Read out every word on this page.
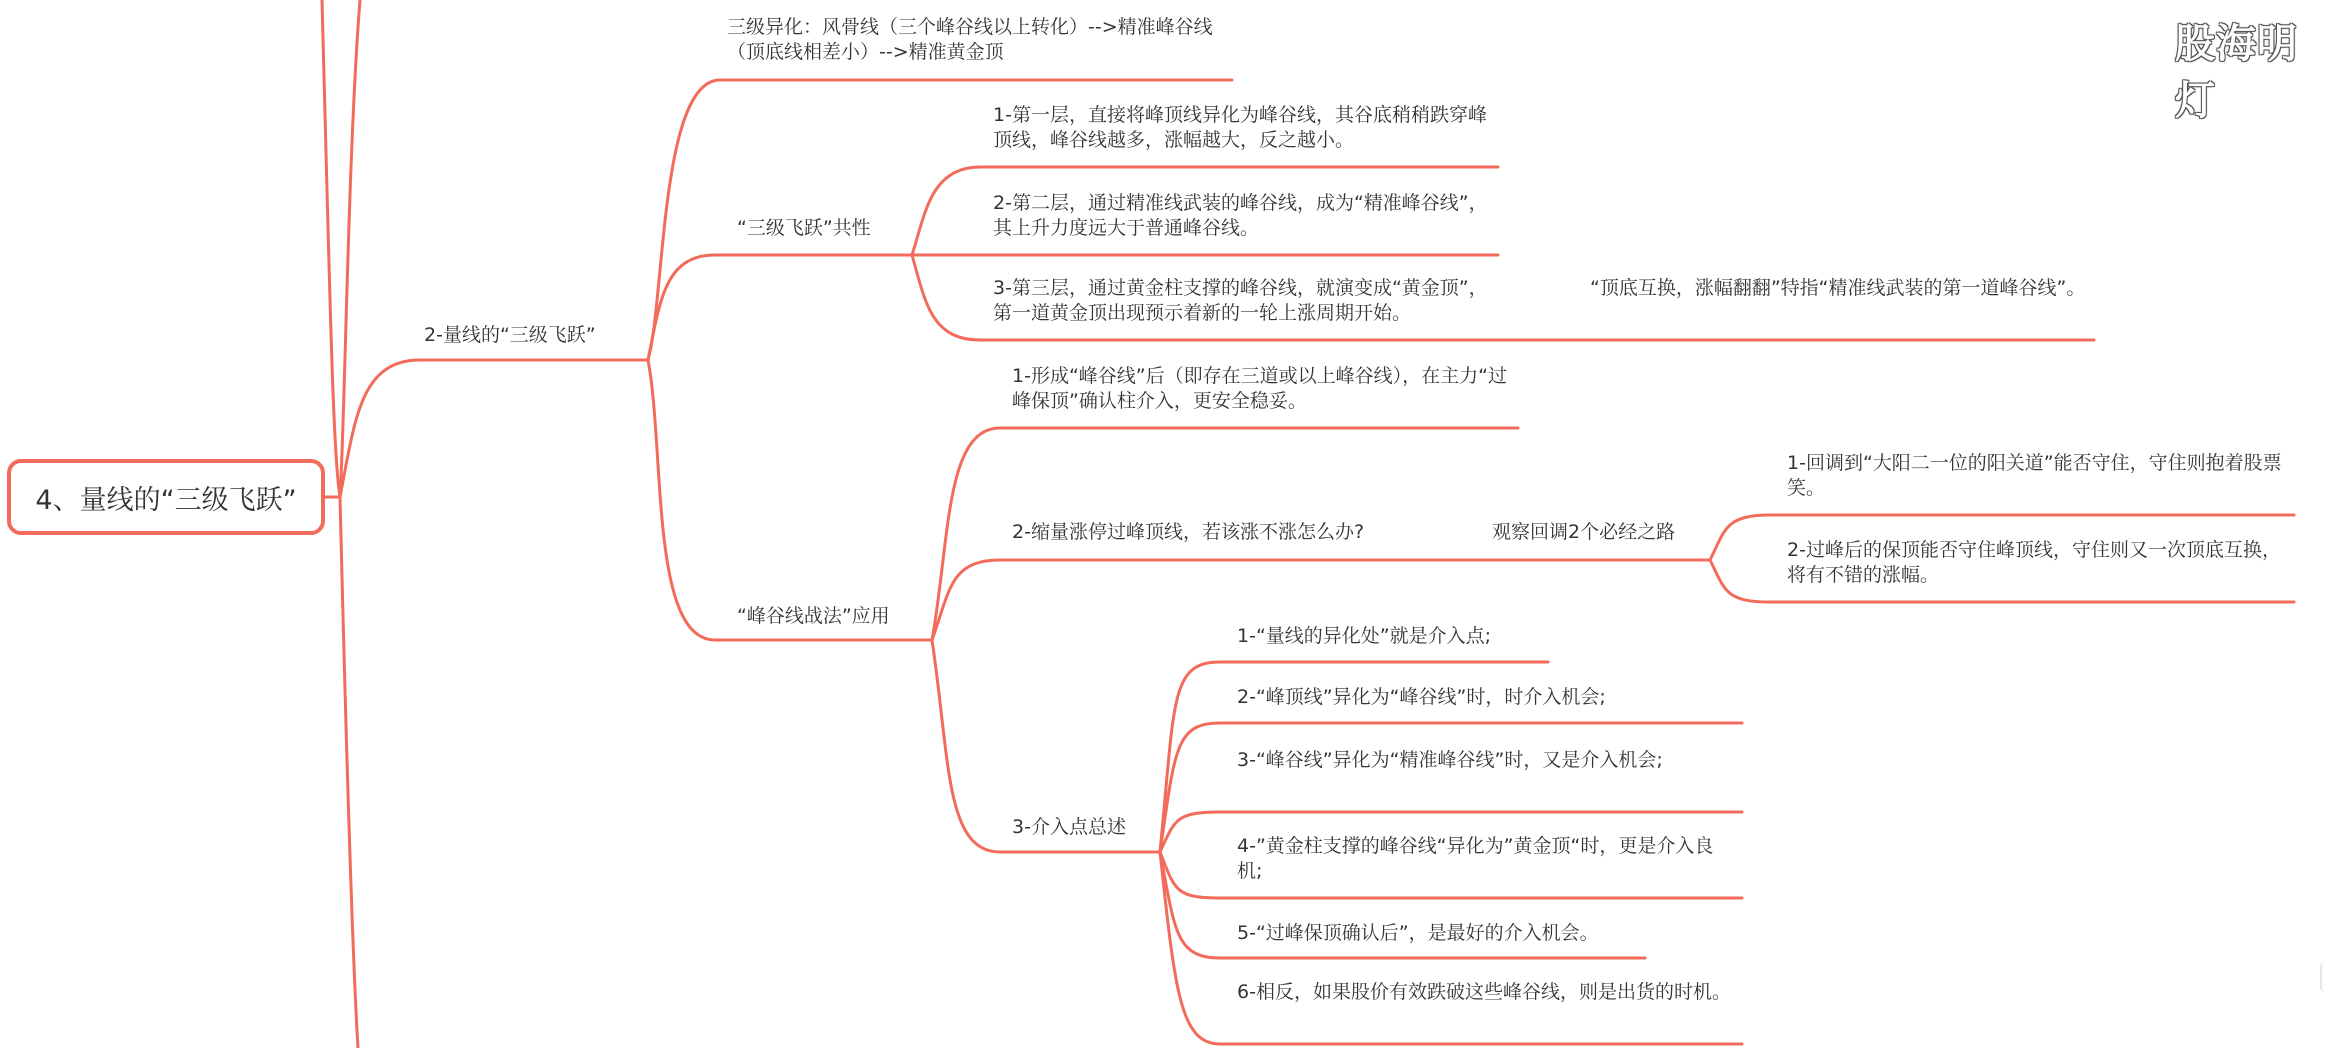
4、量线的“三级飞跃”
2-量线的“三级飞跃”
三级异化：风骨线（三个峰谷线以上转化）-->精准峰谷线（顶底线相差小）-->精准黄金顶
“三级飞跃”共性
1-第一层，直接将峰顶线异化为峰谷线，其谷底稍稍跌穿峰顶线，峰谷线越多，涨幅越大，反之越小。
2-第二层，通过精准线武装的峰谷线，成为“精准峰谷线”，其上升力度远大于普通峰谷线。
3-第三层，通过黄金柱支撑的峰谷线，就演变成“黄金顶”，第一道黄金顶出现预示着新的一轮上涨周期开始。
“顶底互换，涨幅翻翻”特指“精准线武装的第一道峰谷线”。
“峰谷线战法”应用
1-形成“峰谷线”后（即存在三道或以上峰谷线），在主力“过峰保顶”确认柱介入，更安全稳妥。
2-缩量涨停过峰顶线，若该涨不涨怎么办?	观察回调2个必经之路
1-回调到“大阳二一位的阳关道”能否守住，守住则抱着股票笑。
2-过峰后的保顶能否守住峰顶线，守住则又一次顶底互换，将有不错的涨幅。
3-介入点总述
1-“量线的异化处”就是介入点;
2-“峰顶线”异化为“峰谷线”时，时介入机会;
3-“峰谷线”异化为“精准峰谷线”时，又是介入机会;
4-”黄金柱支撑的峰谷线“异化为”黄金顶“时，更是介入良机;
5-“过峰保顶确认后”，是最好的介入机会。
6-相反，如果股价有效跌破这些峰谷线，则是出货的时机。
股海明灯
